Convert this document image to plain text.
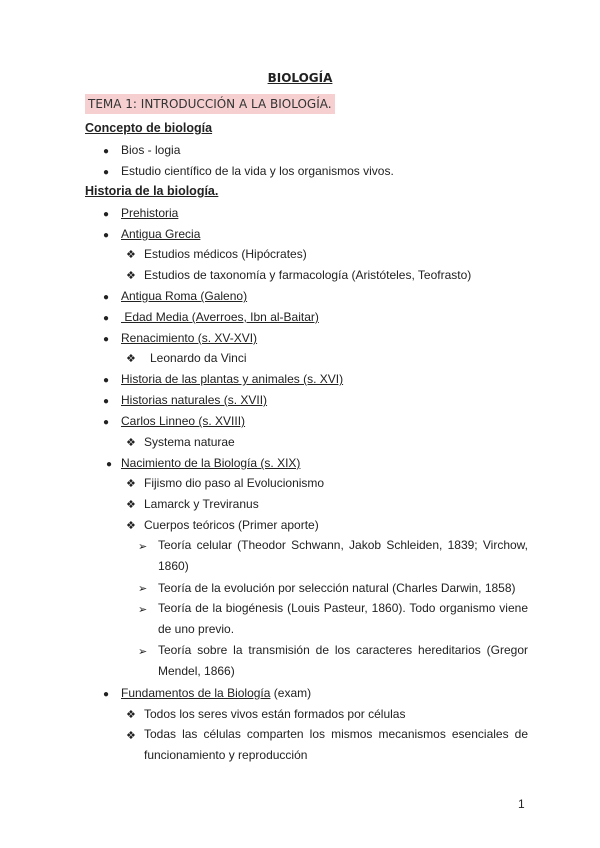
BIOLOGÍA
TEMA 1: INTRODUCCIÓN A LA BIOLOGÍA.
Concepto de biología
● Bios - logia
● Estudio científico de la vida y los organismos vivos.
Historia de la biología.
● Prehistoria
● Antigua Grecia
❖ Estudios médicos (Hipócrates)
❖ Estudios de taxonomía y farmacología (Aristóteles, Teofrasto)
● Antigua Roma (Galeno)
● Edad Media (Averroes, Ibn al-Baitar)
● Renacimiento (s. XV-XVI)
❖ Leonardo da Vinci
● Historia de las plantas y animales (s. XVI)
● Historias naturales (s. XVII)
● Carlos Linneo (s. XVIII)
❖ Systema naturae
● Nacimiento de la Biología (s. XIX)
❖ Fijismo dio paso al Evolucionismo
❖ Lamarck y Treviranus
❖ Cuerpos teóricos (Primer aporte)
➢ Teoría celular (Theodor Schwann, Jakob Schleiden, 1839; Virchow, 1860)
➢ Teoría de la evolución por selección natural (Charles Darwin, 1858)
➢ Teoría de la biogénesis (Louis Pasteur, 1860). Todo organismo viene de uno previo.
➢ Teoría sobre la transmisión de los caracteres hereditarios (Gregor Mendel, 1866)
● Fundamentos de la Biología (exam)
❖ Todos los seres vivos están formados por células
❖ Todas las células comparten los mismos mecanismos esenciales de funcionamiento y reproducción
1
